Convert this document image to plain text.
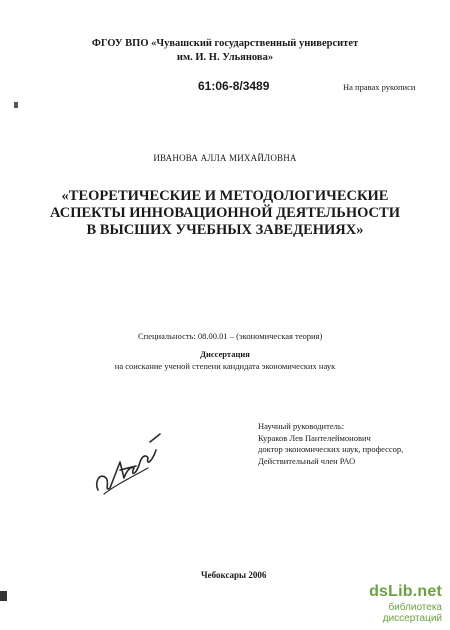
ФГОУ ВПО «Чувашский государственный университет
им. И. Н. Ульянова»
61:06-8/3489	На правах рукописи
ИВАНОВА АЛЛА МИХАЙЛОВНА
«ТЕОРЕТИЧЕСКИЕ И МЕТОДОЛОГИЧЕСКИЕ
АСПЕКТЫ ИННОВАЦИОННОЙ ДЕЯТЕЛЬНОСТИ
В ВЫСШИХ УЧЕБНЫХ ЗАВЕДЕНИЯХ»
Специальность: 08.00.01 – (экономическая теория)
Диссертация
на соискание ученой степени кандидата экономических наук
Научный руководитель:
Кураков Лев Пантелеймонович
доктор экономических наук, профессор,
Действительный член РАО
Чебоксары 2006
dsLib.net
библиотека диссертаций
